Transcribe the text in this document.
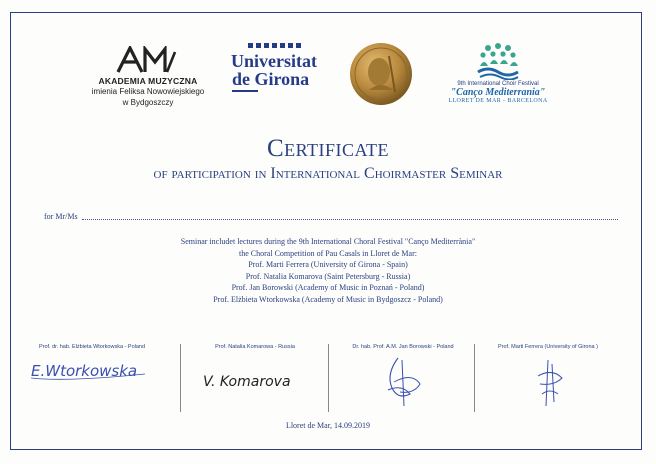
AKADEMIA MUZYCZNA
imienia Feliksa Nowowiejskiego
w Bydgoszczy
Universitat
de Girona	9th International Choir Festival
"Canço Mediterrania"
LLORET DE MAR - BARCELONA
Certificate
of participation in International Choirmaster Seminar
for Mr/Ms
Seminar includet lectures during the 9th International Choral Festival "Canço Mediterrània"
the Choral Competition of Pau Casals in Lloret de Mar:
Prof. Marti Ferrera (University of Girona - Spain)
Prof. Natalia Komarova (Saint Petersburg - Russia)
Prof. Jan Borowski (Academy of Music in Poznań - Poland)
Prof. Elżbieta Wtorkowska (Academy of Music in Bydgoszcz - Poland)
Prof. dr. hab. Elżbieta Wtorkowska - Poland
E.Wtorkowska
Prof. Natalia Komarowa - Russia
V. Komarova
Dr. hab. Prof. A.M. Jan Borowski - Poland	Prof. Marti Ferrera (University of Girona )
Lloret de Mar, 14.09.2019
